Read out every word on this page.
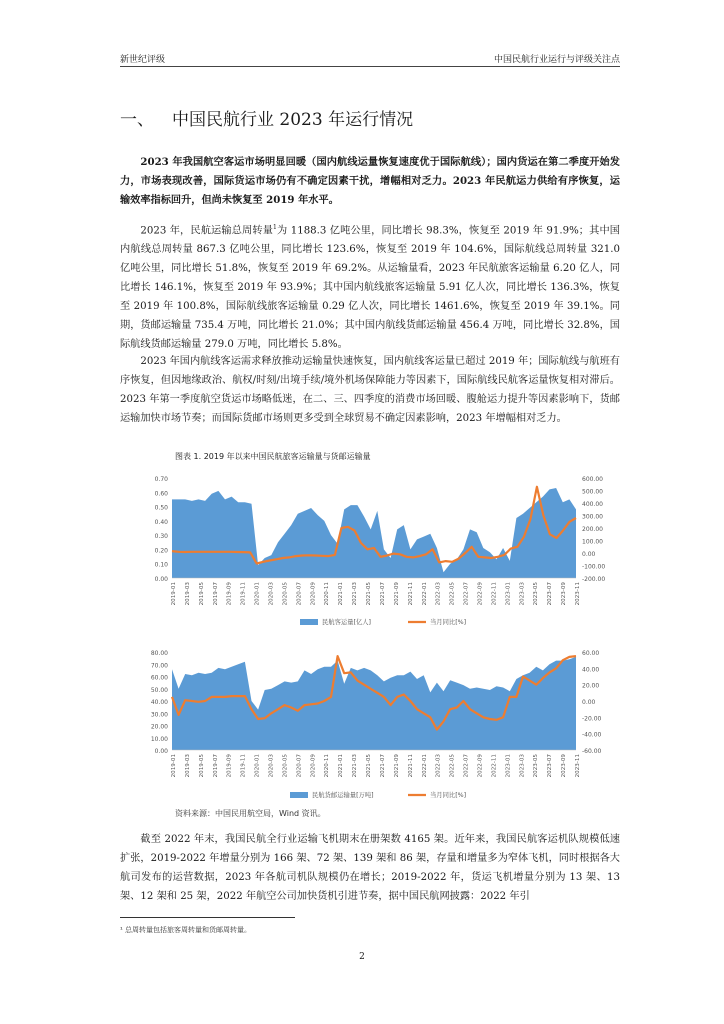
新世纪评级	中国民航行业运行与评级关注点
一、 中国民航行业 2023 年运行情况

2023 年我国航空客运市场明显回暖（国内航线运量恢复速度优于国际航线）；国内货运在第二季度开始发力，市场表现改善，国际货运市场仍有不确定因素干扰，增幅相对乏力。2023 年民航运力供给有序恢复，运输效率指标回升，但尚未恢复至 2019 年水平。

2023 年，民航运输总周转量$^1$为 1188.3 亿吨公里，同比增长 98.3%，恢复至 2019 年 91.9%；其中国内航线总周转量 867.3 亿吨公里，同比增长 123.6%，恢复至 2019 年 104.6%，国际航线总周转量 321.0 亿吨公里，同比增长 51.8%，恢复至 2019 年 69.2%。从运输量看，2023 年民航旅客运输量 6.20 亿人，同比增长 146.1%，恢复至 2019 年 93.9%；其中国内航线旅客运输量 5.91 亿人次，同比增长 136.3%，恢复至 2019 年 100.8%，国际航线旅客运输量 0.29 亿人次，同比增长 1461.6%，恢复至 2019 年 39.1%。同期，货邮运输量 735.4 万吨，同比增长 21.0%；其中国内航线货邮运输量 456.4 万吨，同比增长 32.8%，国际航线货邮运输量 279.0 万吨，同比增长 5.8%。

2023 年国内航线客运需求释放推动运输量快速恢复，国内航线客运量已超过 2019 年；国际航线与航班有序恢复，但因地缘政治、航权/时刻/出境手续/境外机场保障能力等因素下，国际航线民航客运量恢复相对滞后。2023 年第一季度航空货运市场略低迷，在二、三、四季度的消费市场回暖、腹舱运力提升等因素影响下，货邮运输加快市场节奏；而国际货邮市场则更多受到全球贸易不确定因素影响，2023 年增幅相对乏力。

图表 1. 2019 年以来中国民航旅客运输量与货邮运输量
0.70
0.60
0.50
0.40
0.30
0.20
0.10
0.00
600.00
500.00
400.00
300.00
200.00
100.00
0.00
-100.00
-200.00
2019-01 2019-03 2019-05 2019-07 2019-09 2019-11 2020-01 2020-03 2020-05 2020-07 2020-09 2020-11 2021-01 2021-03 2021-05 2021-07 2021-09 2021-11 2022-01 2022-03 2022-05 2022-07 2022-09 2022-11 2023-01 2023-03 2023-05 2023-07 2023-09 2023-11
民航客运量[亿人]	当月同比[%]
80.00
70.00
60.00
50.00
40.00
30.00
20.00
10.00
0.00
60.00
40.00
20.00
0.00
-20.00
-40.00
-60.00
2019-01 2019-03 2019-05 2019-07 2019-09 2019-11 2020-01 2020-03 2020-05 2020-07 2020-09 2020-11 2021-01 2021-03 2021-05 2021-07 2021-09 2021-11 2022-01 2022-03 2022-05 2022-07 2022-09 2022-11 2023-01 2023-03 2023-05 2023-07 2023-09 2023-11
民航货邮运输量[万吨]	当月同比[%]
资料来源：中国民用航空局，Wind 资讯。

截至 2022 年末，我国民航全行业运输飞机期末在册架数 4165 架。近年来，我国民航客运机队规模低速扩张，2019-2022 年增量分别为 166 架、72 架、139 架和 86 架，存量和增量多为窄体飞机，同时根据各大航司发布的运营数据，2023 年各航司机队规模仍在增长；2019-2022 年，货运飞机增量分别为 13 架、13 架、12 架和 25 架，2022 年航空公司加快货机引进节奏，据中国民航网披露：2022 年引

¹ 总周转量包括旅客周转量和货邮周转量。
2
